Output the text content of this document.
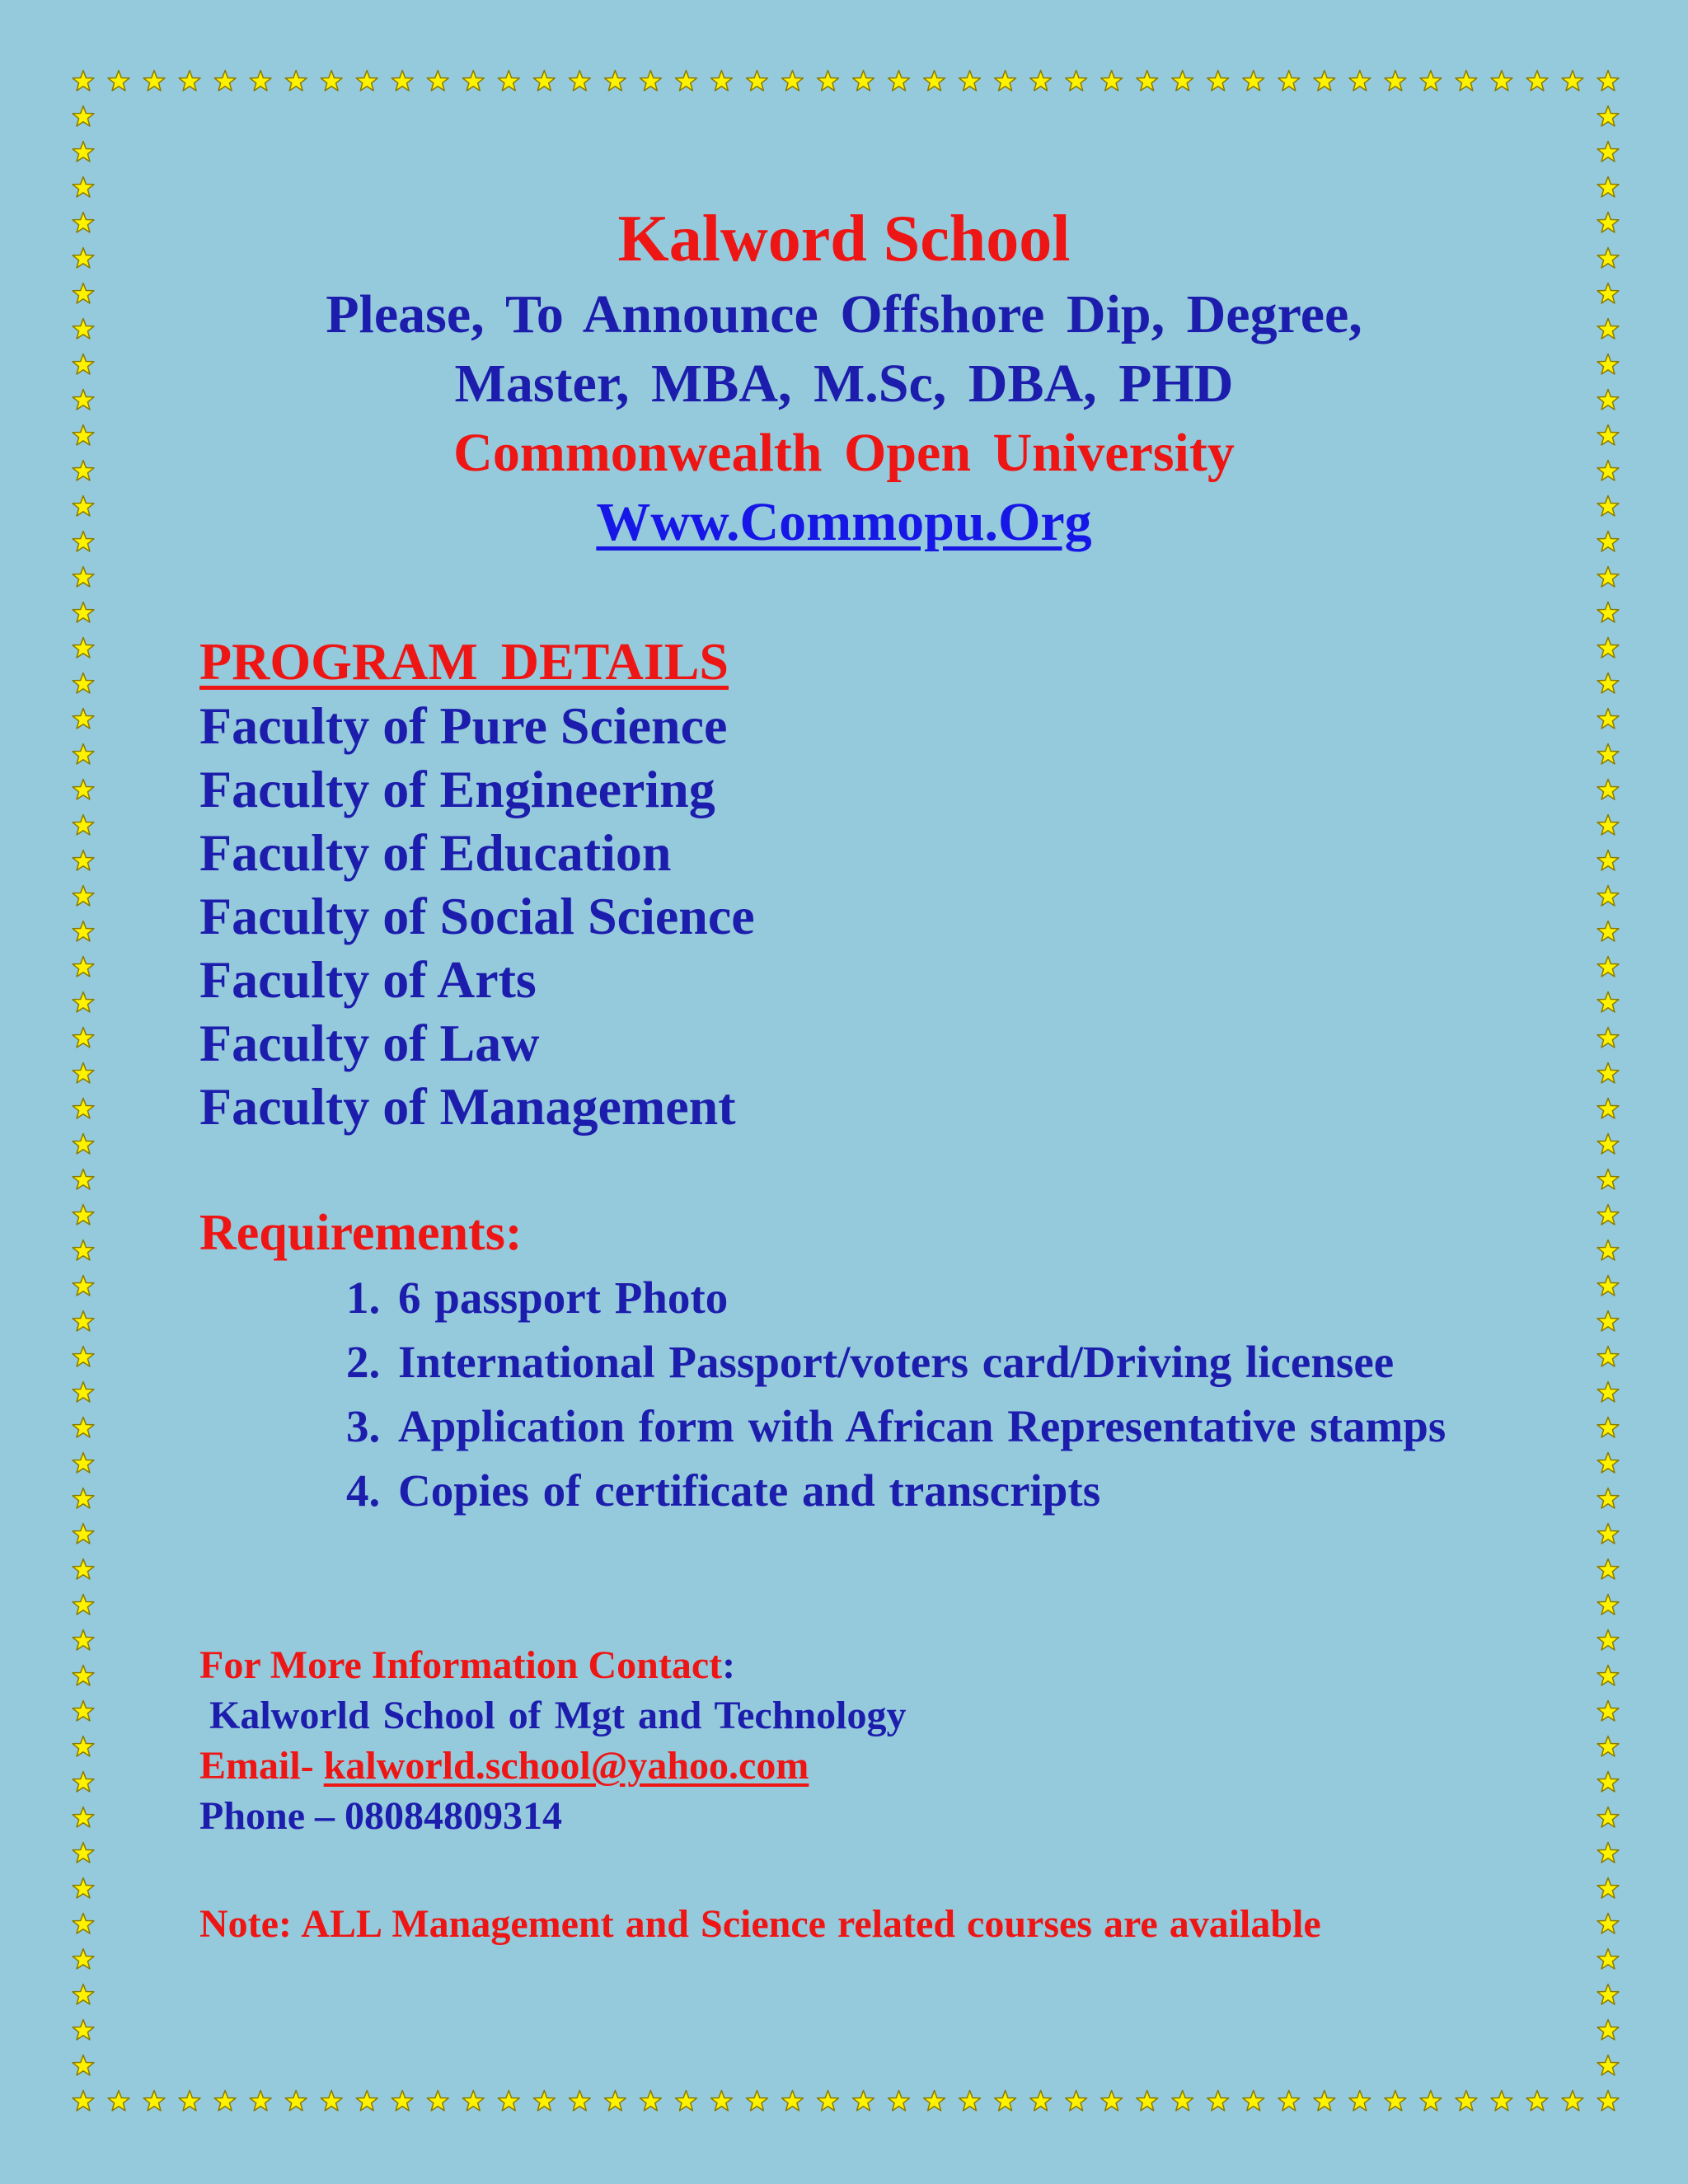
Kalword School
Please, To Announce Offshore Dip, Degree,
Master, MBA, M.Sc, DBA, PHD
Commonwealth Open University
Www.Commopu.Org
PROGRAM DETAILS
Faculty of Pure Science
Faculty of Engineering
Faculty of Education
Faculty of Social Science
Faculty of Arts
Faculty of Law
Faculty of Management
Requirements:
1. 6 passport Photo
2. International Passport/voters card/Driving licensee
3. Application form with African Representative stamps
4. Copies of certificate and transcripts
For More Information Contact:
Kalworld School of Mgt and Technology
Email- kalworld.school@yahoo.com
Phone – 08084809314
Note: ALL Management and Science related courses are available
